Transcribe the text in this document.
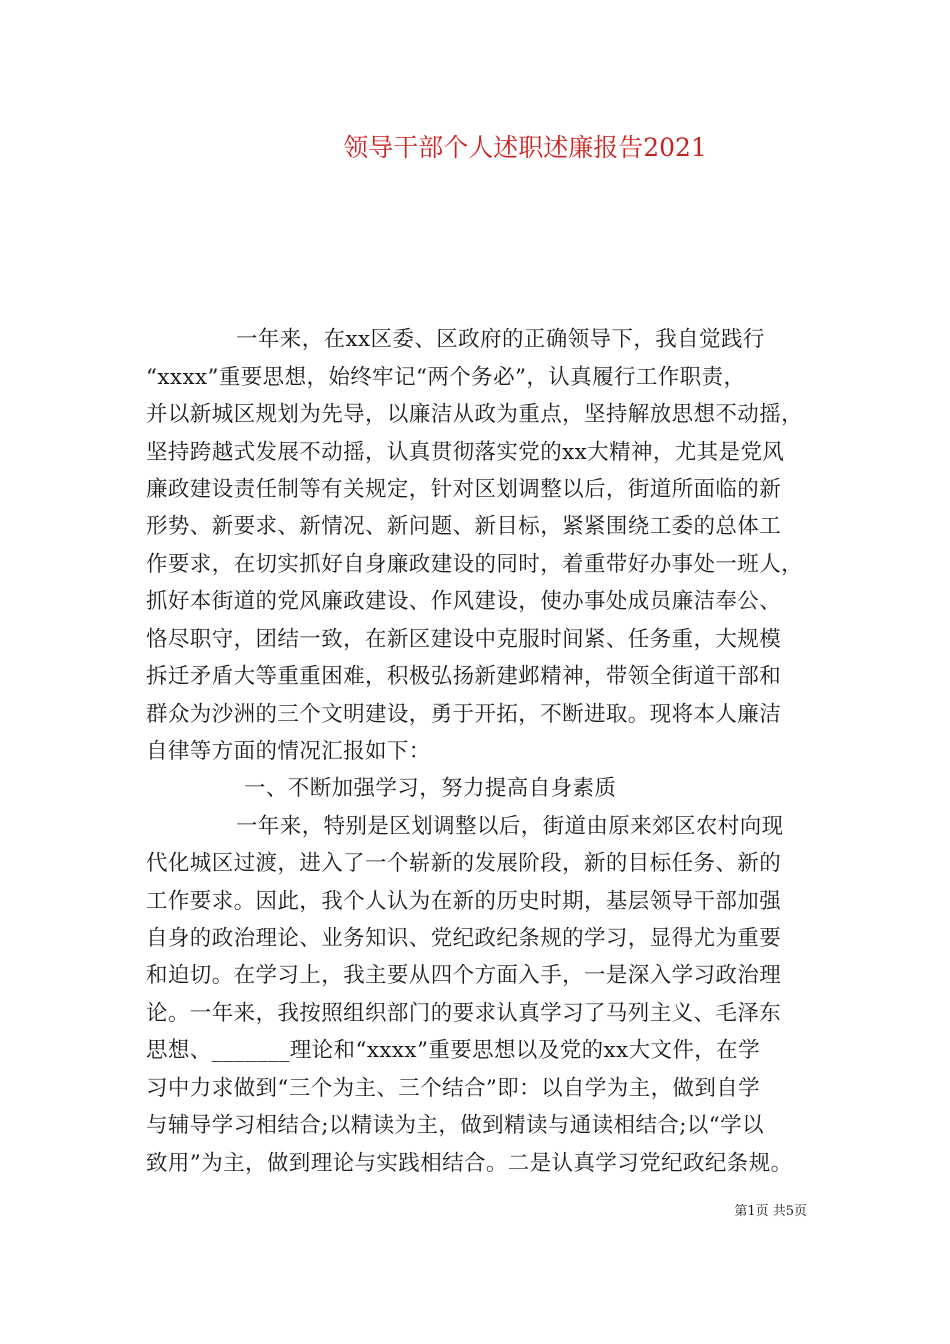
领导干部个人述职述廉报告2021
一年来，在xx区委、区政府的正确领导下，我自觉践行
“xxxx”重要思想，始终牢记“两个务必”，认真履行工作职责，
并以新城区规划为先导，以廉洁从政为重点，坚持解放思想不动摇，
坚持跨越式发展不动摇，认真贯彻落实党的xx大精神，尤其是党风
廉政建设责任制等有关规定，针对区划调整以后，街道所面临的新
形势、新要求、新情况、新问题、新目标，紧紧围绕工委的总体工
作要求，在切实抓好自身廉政建设的同时，着重带好办事处一班人，
抓好本街道的党风廉政建设、作风建设，使办事处成员廉洁奉公、
恪尽职守，团结一致，在新区建设中克服时间紧、任务重，大规模
拆迁矛盾大等重重困难，积极弘扬新建邺精神，带领全街道干部和
群众为沙洲的三个文明建设，勇于开拓，不断进取。现将本人廉洁
自律等方面的情况汇报如下：
一、不断加强学习，努力提高自身素质
一年来，特别是区划调整以后，街道由原来郊区农村向现
代化城区过渡，进入了一个崭新的发展阶段，新的目标任务、新的
工作要求。因此，我个人认为在新的历史时期，基层领导干部加强
自身的政治理论、业务知识、党纪政纪条规的学习，显得尤为重要
和迫切。在学习上，我主要从四个方面入手，一是深入学习政治理
论。一年来，我按照组织部门的要求认真学习了马列主义、毛泽东
思想、_______理论和“xxxx”重要思想以及党的xx大文件，在学
习中力求做到“三个为主、三个结合”即：以自学为主，做到自学
与辅导学习相结合;以精读为主，做到精读与通读相结合;以“学以
致用”为主，做到理论与实践相结合。二是认真学习党纪政纪条规。
第1页 共5页
